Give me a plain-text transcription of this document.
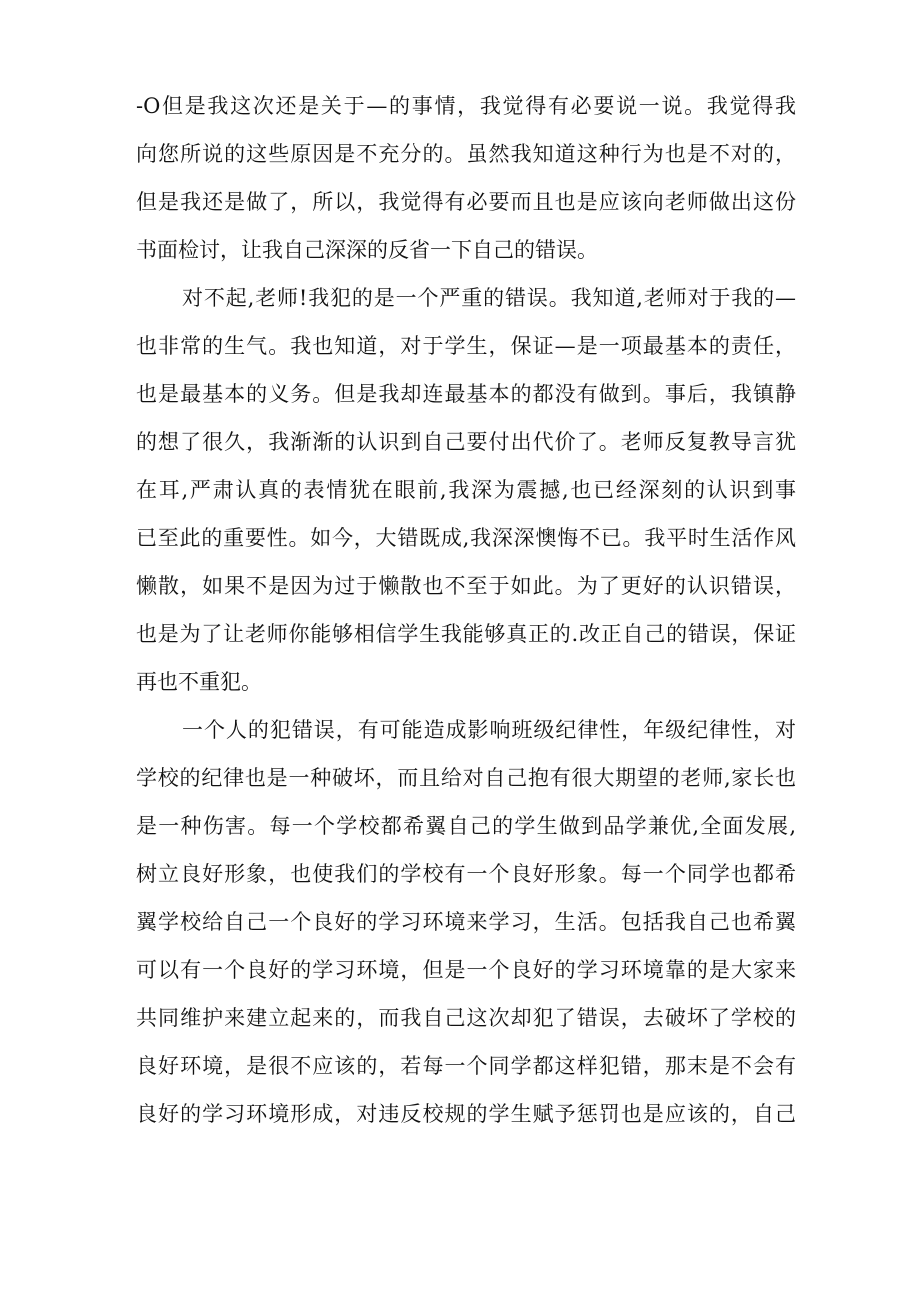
-O但是我这次还是关于—的事情，我觉得有必要说一说。我觉得我
向您所说的这些原因是不充分的。虽然我知道这种行为也是不对的，
但是我还是做了，所以，我觉得有必要而且也是应该向老师做出这份
书面检讨，让我自己深深的反省一下自己的错误。
对不起,老师!我犯的是一个严重的错误。我知道,老师对于我的—
也非常的生气。我也知道，对于学生，保证—是一项最基本的责任，
也是最基本的义务。但是我却连最基本的都没有做到。事后，我镇静
的想了很久，我渐渐的认识到自己要付出代价了。老师反复教导言犹
在耳,严肃认真的表情犹在眼前,我深为震撼,也已经深刻的认识到事
已至此的重要性。如今，大错既成,我深深懊悔不已。我平时生活作风
懒散，如果不是因为过于懒散也不至于如此。为了更好的认识错误，
也是为了让老师你能够相信学生我能够真正的.改正自己的错误，保证
再也不重犯。
一个人的犯错误，有可能造成影响班级纪律性，年级纪律性，对
学校的纪律也是一种破坏，而且给对自己抱有很大期望的老师,家长也
是一种伤害。每一个学校都希翼自己的学生做到品学兼优,全面发展,
树立良好形象，也使我们的学校有一个良好形象。每一个同学也都希
翼学校给自己一个良好的学习环境来学习，生活。包括我自己也希翼
可以有一个良好的学习环境，但是一个良好的学习环境靠的是大家来
共同维护来建立起来的，而我自己这次却犯了错误，去破坏了学校的
良好环境，是很不应该的，若每一个同学都这样犯错，那末是不会有
良好的学习环境形成，对违反校规的学生赋予惩罚也是应该的，自己
